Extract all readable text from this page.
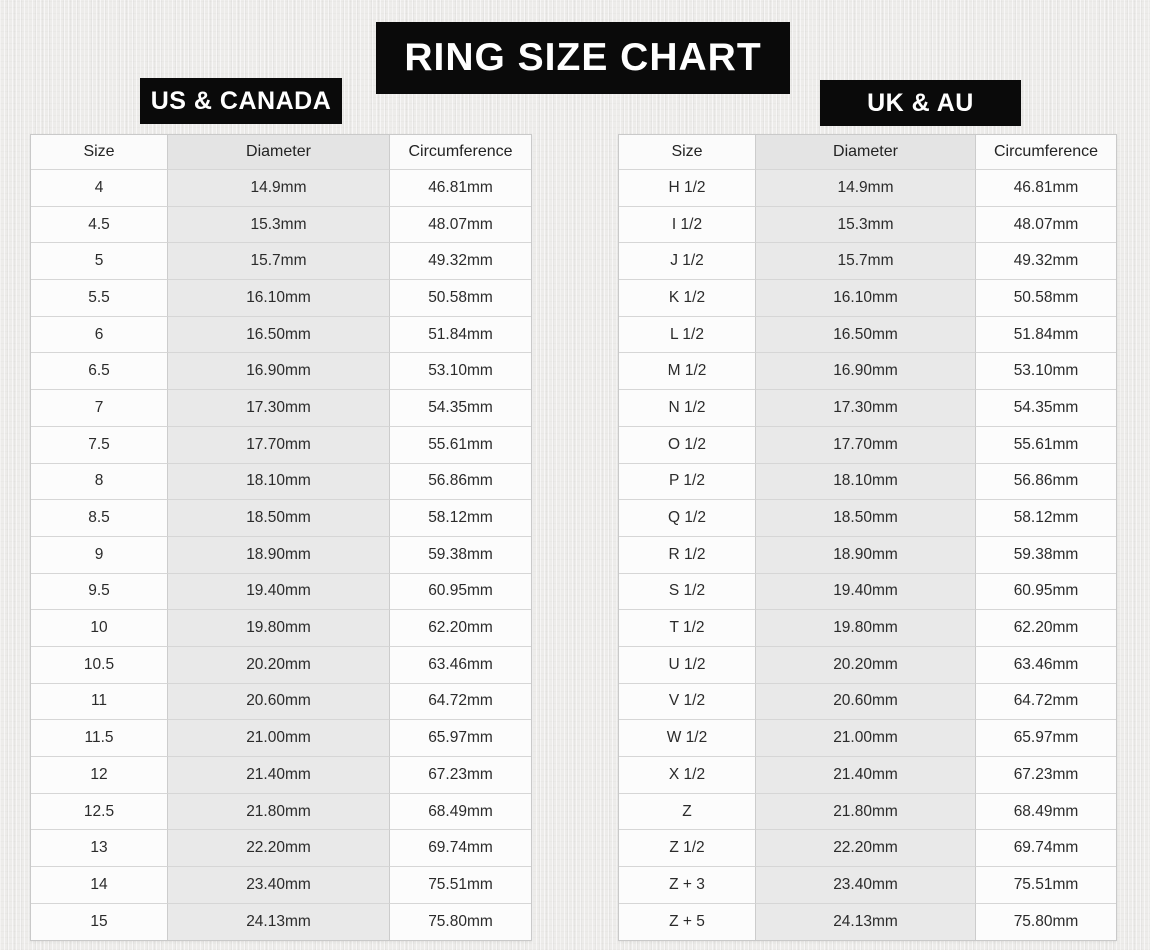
RING SIZE CHART
US & CANADA	UK & AU
Size	Diameter	Circumference
4	14.9mm	46.81mm
4.5	15.3mm	48.07mm
5	15.7mm	49.32mm
5.5	16.10mm	50.58mm
6	16.50mm	51.84mm
6.5	16.90mm	53.10mm
7	17.30mm	54.35mm
7.5	17.70mm	55.61mm
8	18.10mm	56.86mm
8.5	18.50mm	58.12mm
9	18.90mm	59.38mm
9.5	19.40mm	60.95mm
10	19.80mm	62.20mm
10.5	20.20mm	63.46mm
11	20.60mm	64.72mm
11.5	21.00mm	65.97mm
12	21.40mm	67.23mm
12.5	21.80mm	68.49mm
13	22.20mm	69.74mm
14	23.40mm	75.51mm
15	24.13mm	75.80mm
Size	Diameter	Circumference
H 1/2	14.9mm	46.81mm
I 1/2	15.3mm	48.07mm
J 1/2	15.7mm	49.32mm
K 1/2	16.10mm	50.58mm
L 1/2	16.50mm	51.84mm
M 1/2	16.90mm	53.10mm
N 1/2	17.30mm	54.35mm
O 1/2	17.70mm	55.61mm
P 1/2	18.10mm	56.86mm
Q 1/2	18.50mm	58.12mm
R 1/2	18.90mm	59.38mm
S 1/2	19.40mm	60.95mm
T 1/2	19.80mm	62.20mm
U 1/2	20.20mm	63.46mm
V 1/2	20.60mm	64.72mm
W 1/2	21.00mm	65.97mm
X 1/2	21.40mm	67.23mm
Z	21.80mm	68.49mm
Z 1/2	22.20mm	69.74mm
Z + 3	23.40mm	75.51mm
Z + 5	24.13mm	75.80mm
